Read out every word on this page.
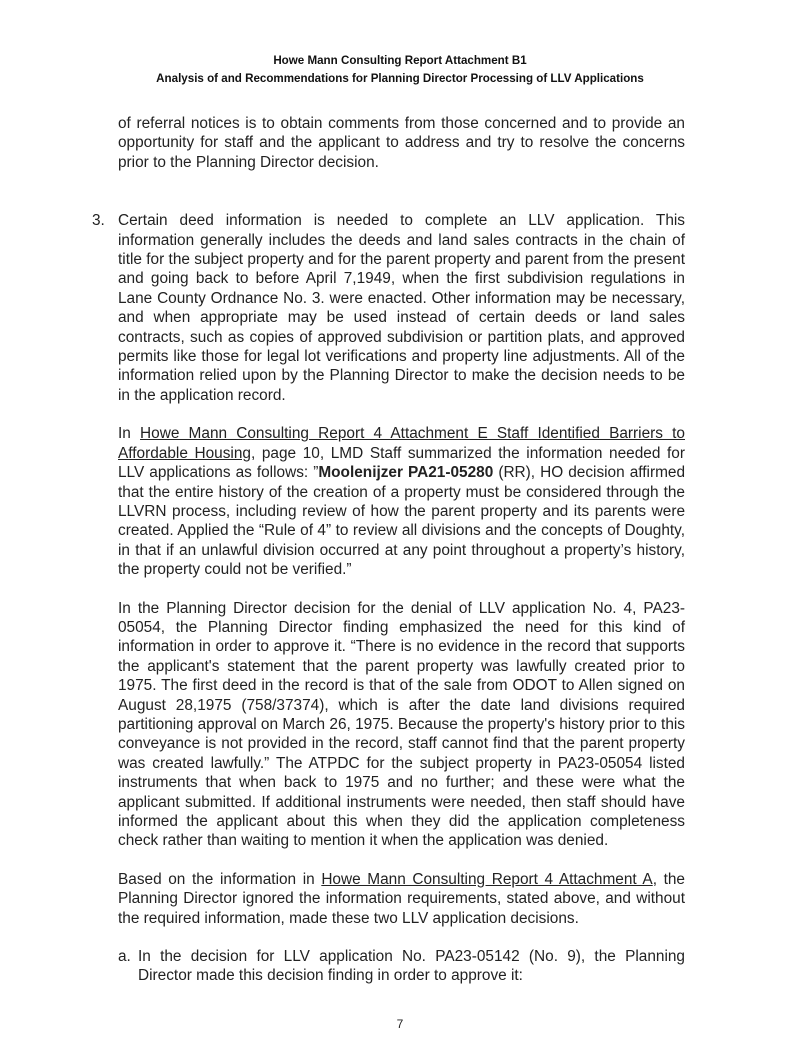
Howe Mann Consulting Report Attachment B1
Analysis of and Recommendations for Planning Director Processing of LLV Applications

of referral notices is to obtain comments from those concerned and to provide an opportunity for staff and the applicant to address and try to resolve the concerns prior to the Planning Director decision.

3. Certain deed information is needed to complete an LLV application. This information generally includes the deeds and land sales contracts in the chain of title for the subject property and for the parent property and parent from the present and going back to before April 7,1949, when the first subdivision regulations in Lane County Ordnance No. 3. were enacted. Other information may be necessary, and when appropriate may be used instead of certain deeds or land sales contracts, such as copies of approved subdivision or partition plats, and approved permits like those for legal lot verifications and property line adjustments. All of the information relied upon by the Planning Director to make the decision needs to be in the application record.

In Howe Mann Consulting Report 4 Attachment E Staff Identified Barriers to Affordable Housing, page 10, LMD Staff summarized the information needed for LLV applications as follows: ”Moolenijzer PA21-05280 (RR), HO decision affirmed that the entire history of the creation of a property must be considered through the LLVRN process, including review of how the parent property and its parents were created. Applied the “Rule of 4” to review all divisions and the concepts of Doughty, in that if an unlawful division occurred at any point throughout a property’s history, the property could not be verified.”

In the Planning Director decision for the denial of LLV application No. 4, PA23-05054, the Planning Director finding emphasized the need for this kind of information in order to approve it. “There is no evidence in the record that supports the applicant's statement that the parent property was lawfully created prior to 1975. The first deed in the record is that of the sale from ODOT to Allen signed on August 28,1975 (758/37374), which is after the date land divisions required partitioning approval on March 26, 1975. Because the property's history prior to this conveyance is not provided in the record, staff cannot find that the parent property was created lawfully.” The ATPDC for the subject property in PA23-05054 listed instruments that when back to 1975 and no further; and these were what the applicant submitted. If additional instruments were needed, then staff should have informed the applicant about this when they did the application completeness check rather than waiting to mention it when the application was denied.

Based on the information in Howe Mann Consulting Report 4 Attachment A, the Planning Director ignored the information requirements, stated above, and without the required information, made these two LLV application decisions.

a. In the decision for LLV application No. PA23-05142 (No. 9), the Planning Director made this decision finding in order to approve it:

7
